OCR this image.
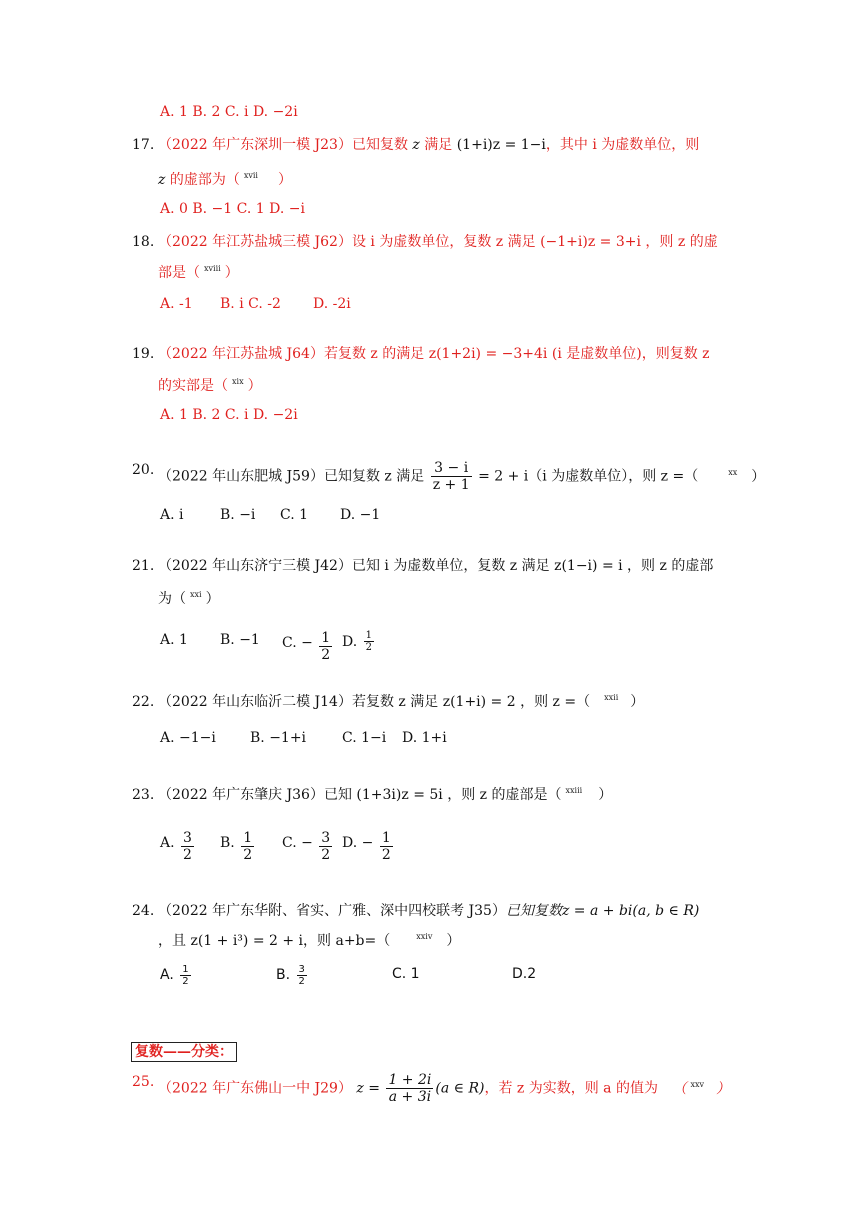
A. 1 B. 2 C. i D. −2i
17. （2022 年广东深圳一模 J23）已知复数 z 满足 (1+i)z = 1−i，其中 i 为虚数单位，则
z 的虚部为（ $^{xvii}$ ）
A. 0 B. −1 C. 1 D. −i
18. （2022 年江苏盐城三模 J62）设 i 为虚数单位，复数 z 满足 (−1+i)z = 3+i ，则 z 的虚
部是（ $^{xviii}$ ）
A. -1 B. i C. -2 D. -2i
19. （2022 年江苏盐城 J64）若复数 z 的满足 z(1+2i) = −3+4i (i 是虚数单位)，则复数 z
的实部是（ $^{xix}$ ）
A. 1 B. 2 C. i D. −2i
20. （2022 年山东肥城 J59）已知复数 z 满足 $\frac{3 - i}{z + 1} = 2 + i(i$ 为虚数单位），则 z =（	$^{xx}$ ）
A. i	B. −i C. 1 D. −1
21. （2022 年山东济宁三模 J42）已知 i 为虚数单位，复数 z 满足 z(1−i) = i ，则 z 的虚部
为（ $^{xxi}$ ）
A. 1 B. −1 C. − $\frac{1}{2} D$. $\frac{1}{2}$
22. （2022 年山东临沂二模 J14）若复数 z 满足 z(1+i) = 2 ，则 z =（ $^{xxii}$ ）
A. −1−i B. −1+i	C. 1−i D. 1+i
23. （2022 年广东肇庆 J36）已知 (1+3i)z = 5i ，则 z 的虚部是（ $^{xxiii}$ ）
A. $\frac{3}{2} B$. $\frac{1}{2} C$. − $\frac{3}{2} D$. − $\frac{1}{2}$
24. （2022 年广东华附、省实、广雅、深中四校联考 J35）已知复数z = a + bi(a, b ∈ R)
，且 z(1 + i³) = 2 + i，则 a+b=（	$^{xxiv}$ ）
A. $\frac{1}{2}$	B. $\frac{3}{2}$	C. 1	D.2
复数——分类：
25. （2022 年广东佛山一中 J29） $z = \frac{1 + 2i}{a + 3i} (a$ ∈ R)，若 z 为实数，则 a 的值为 （ $^{xxv}$ ）
